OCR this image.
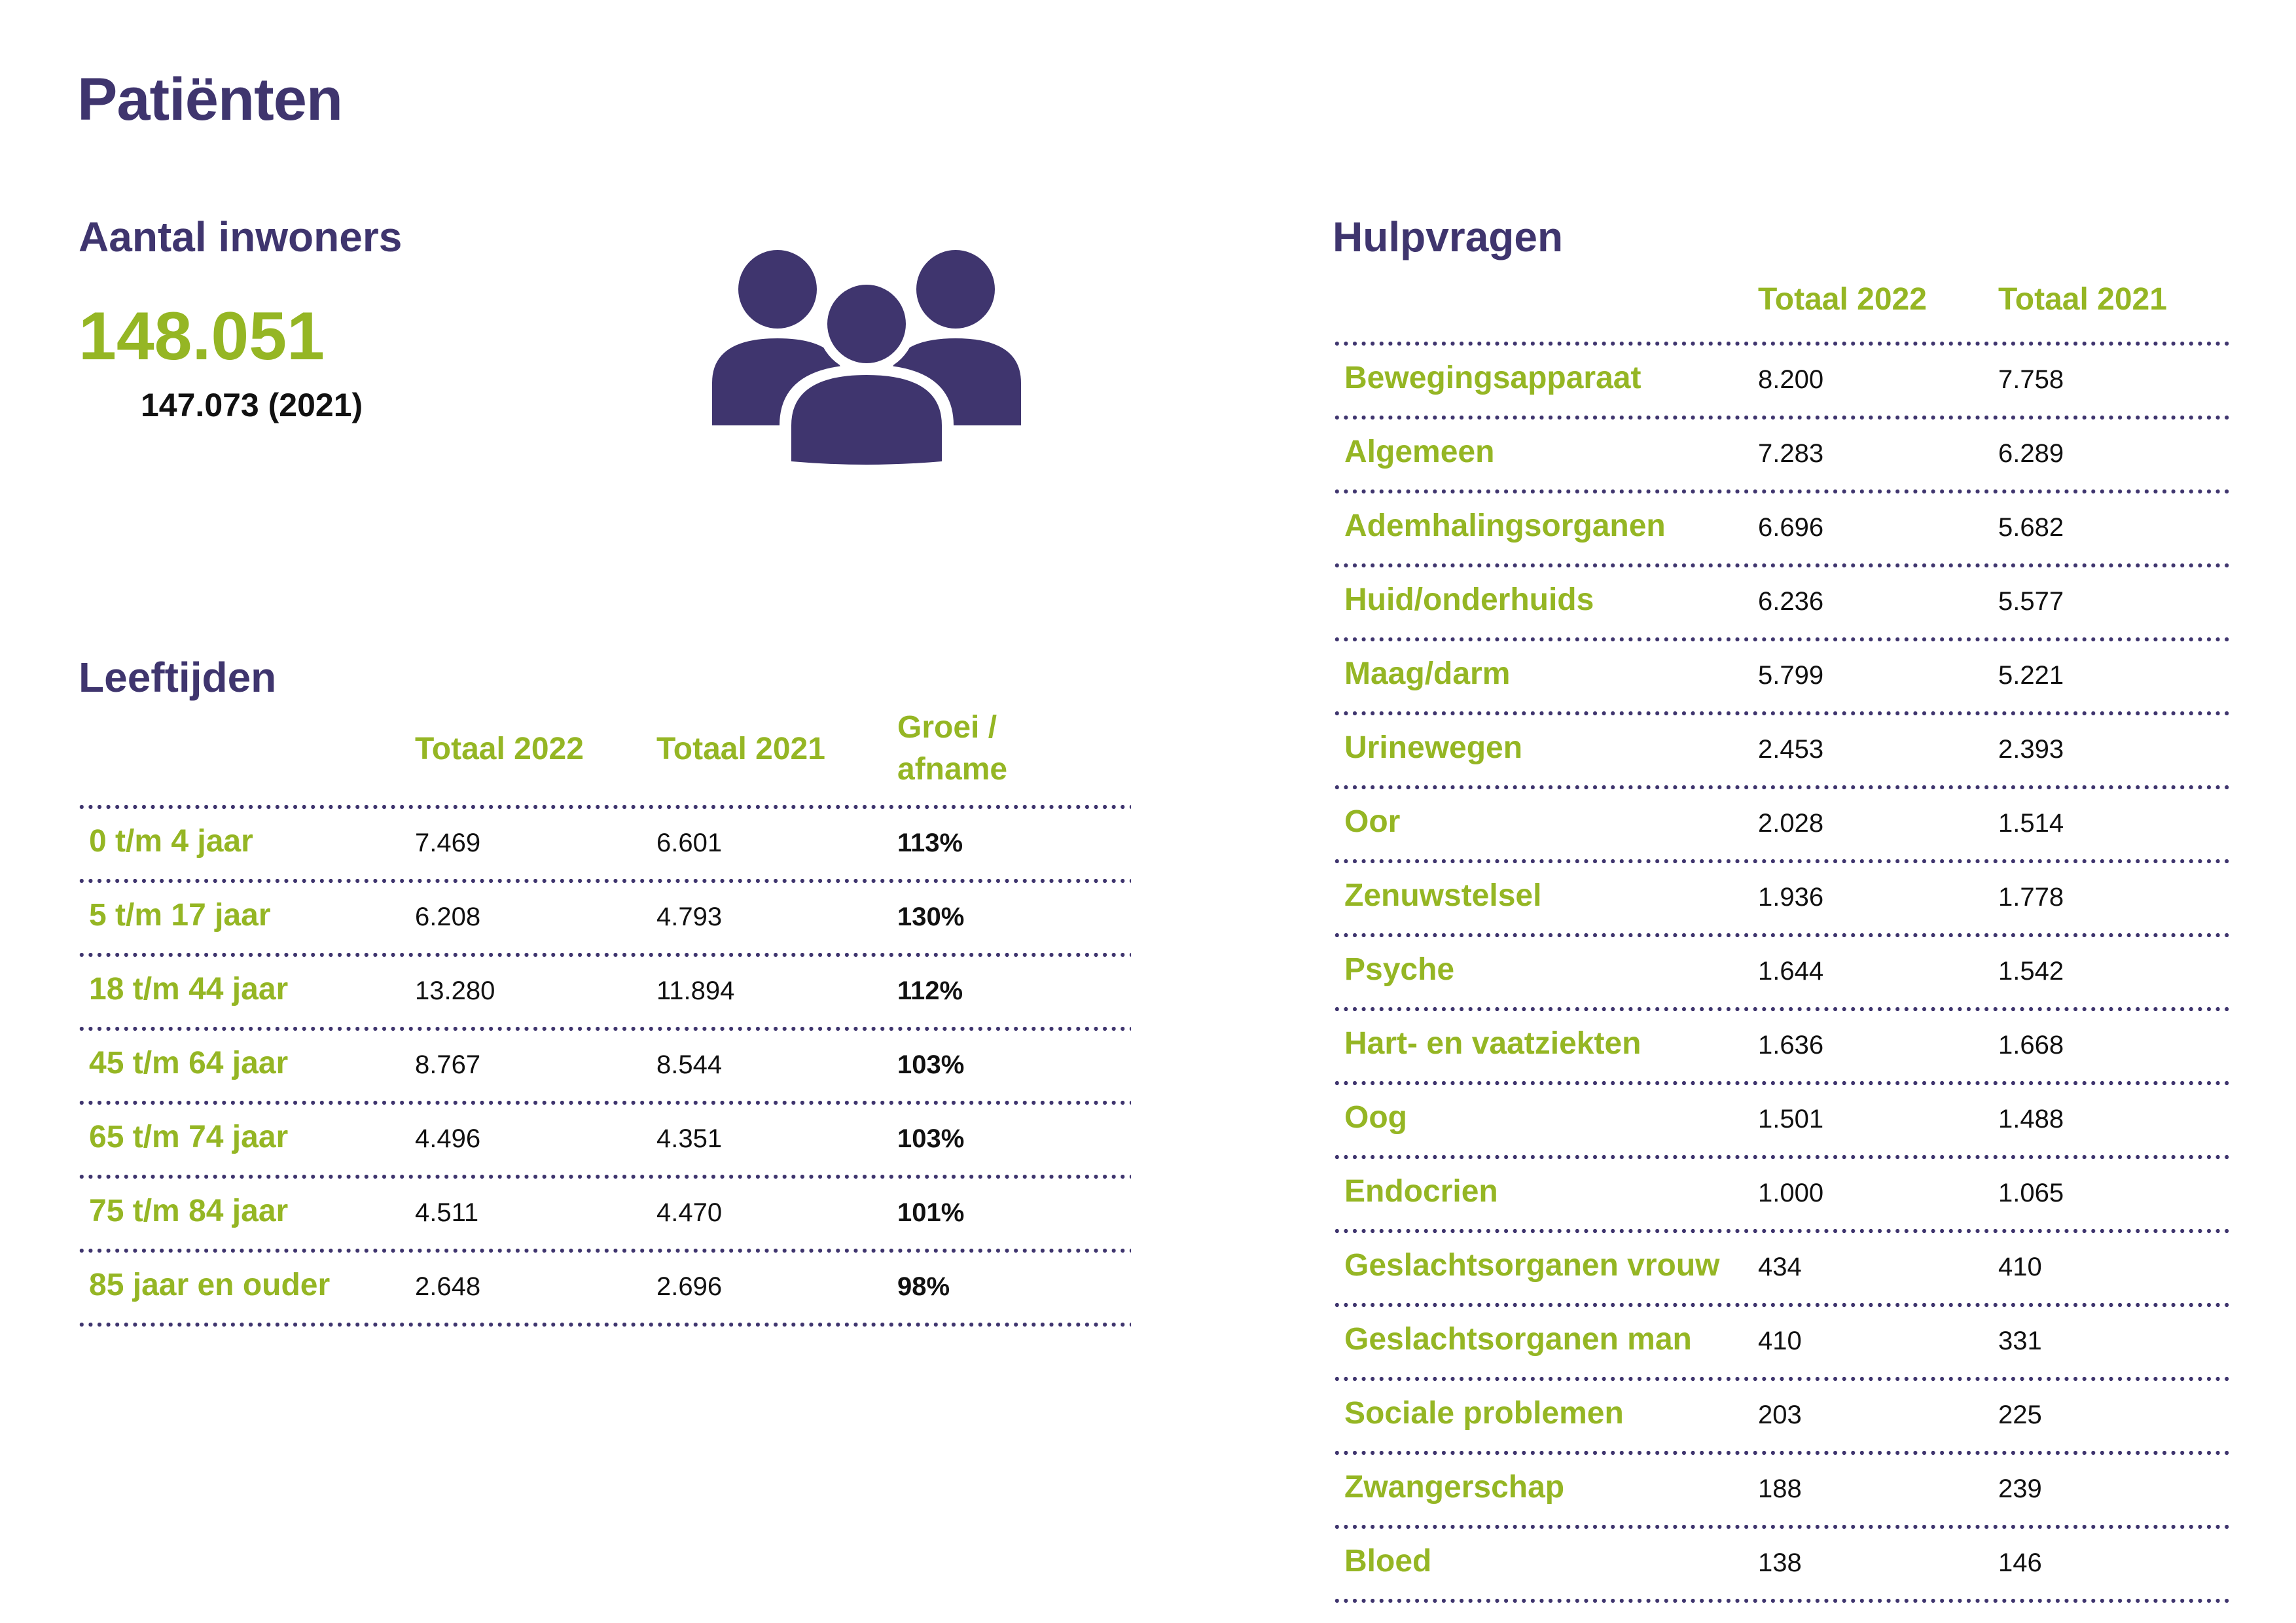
Patiënten
Aantal inwoners
148.051
147.073 (2021)
Leeftijden
Totaal 2022 Totaal 2021
Groei / afname
0 t/m 4 jaar	7.469	6.601	113%
5 t/m 17 jaar	6.208	4.793	130%
18 t/m 44 jaar	13.280	11.894	112%
45 t/m 64 jaar	8.767	8.544	103%
65 t/m 74 jaar	4.496	4.351	103%
75 t/m 84 jaar	4.511	4.470	101%
85 jaar en ouder	2.648	2.696	98%
Hulpvragen
Totaal 2022 Totaal 2021
Bewegingsapparaat	8.200	7.758
Algemeen	7.283	6.289
Ademhalingsorganen	6.696	5.682
Huid/onderhuids	6.236	5.577
Maag/darm	5.799	5.221
Urinewegen	2.453	2.393
Oor	2.028	1.514
Zenuwstelsel	1.936	1.778
Psyche	1.644	1.542
Hart- en vaatziekten	1.636	1.668
Oog	1.501	1.488
Endocrien	1.000	1.065
Geslachtsorganen vrouw 434	410
Geslachtsorganen man	410	331
Sociale problemen	203	225
Zwangerschap	188	239
Bloed	138	146
